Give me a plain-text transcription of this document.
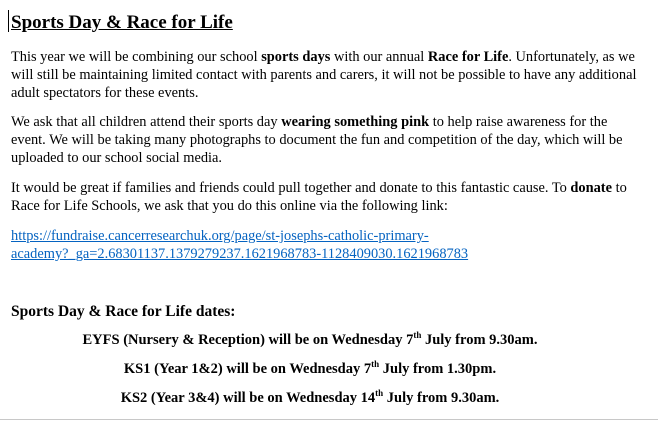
Sports Day & Race for Life

This year we will be combining our school sports days with our annual Race for Life. Unfortunately, as we will still be maintaining limited contact with parents and carers, it will not be possible to have any additional adult spectators for these events.

We ask that all children attend their sports day wearing something pink to help raise awareness for the event. We will be taking many photographs to document the fun and competition of the day, which will be uploaded to our school social media.

It would be great if families and friends could pull together and donate to this fantastic cause. To donate to Race for Life Schools, we ask that you do this online via the following link:

https://fundraise.cancerresearchuk.org/page/st-josephs-catholic-primary-
academy?_ga=2.68301137.1379279237.1621968783-1128409030.1621968783
Sports Day & Race for Life dates:
EYFS (Nursery & Reception) will be on Wednesday 7th July from 9.30am.
KS1 (Year 1&2) will be on Wednesday 7th July from 1.30pm.
KS2 (Year 3&4) will be on Wednesday 14th July from 9.30am.
